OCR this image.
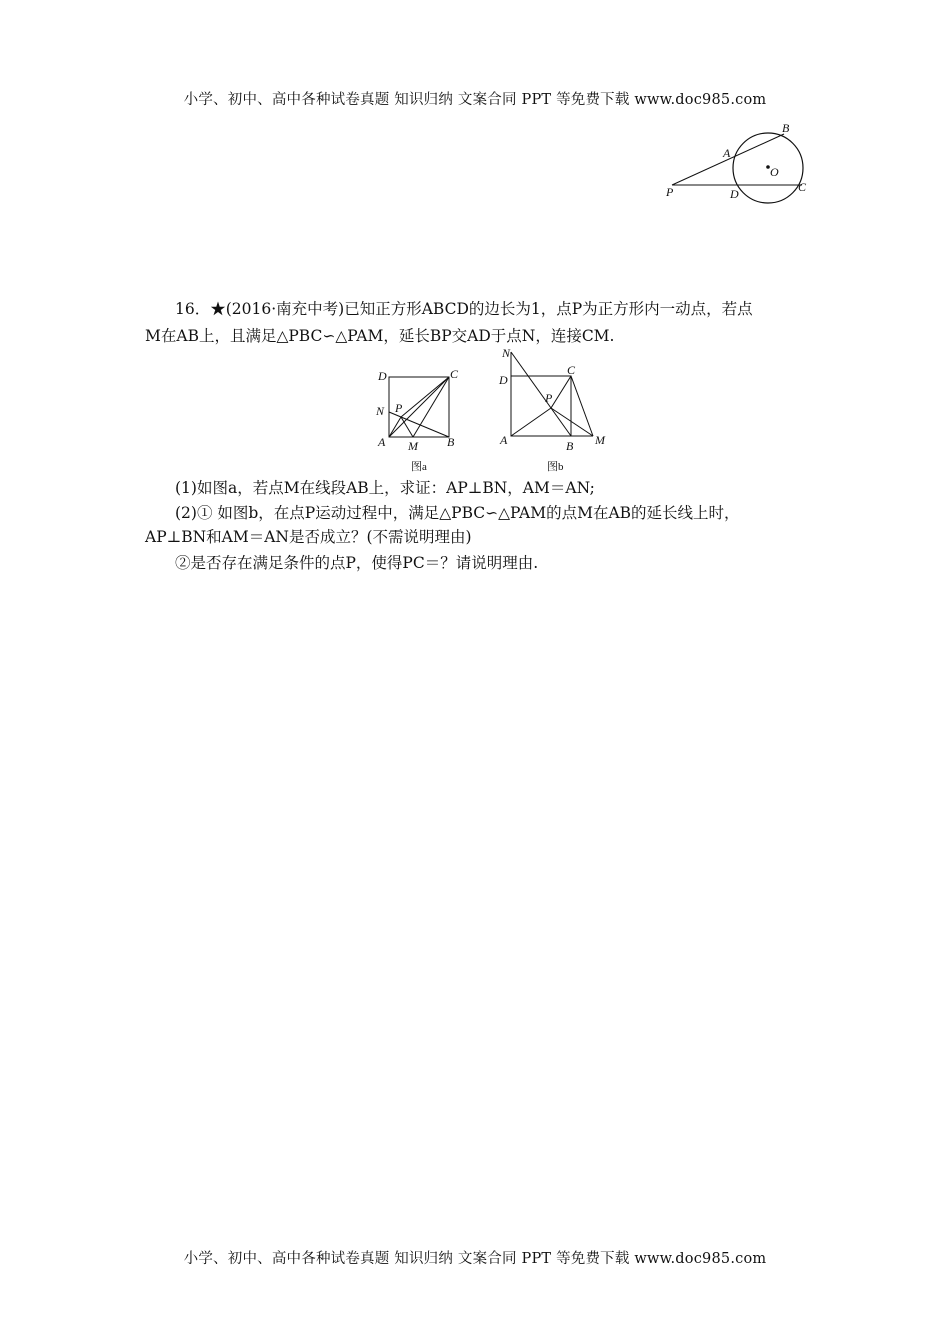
小学、初中、高中各种试卷真题 知识归纳 文案合同 PPT 等免费下载 www.doc985.com
B
A
O
P	D	C
16．★(2016·南充中考)已知正方形ABCD的边长为1，点P为正方形内一动点，若点
M在AB上，且满足△PBC∽△PAM，延长BP交AD于点N，连接CM.
D	C
N P
A M B
图a
N
D
C
P
A	B M
图b
(1)如图a，若点M在线段AB上，求证：AP⊥BN，AM＝AN;
(2)① 如图b，在点P运动过程中，满足△PBC∽△PAM的点M在AB的延长线上时，
AP⊥BN和AM＝AN是否成立？(不需说明理由)
②是否存在满足条件的点P，使得PC＝？请说明理由.
小学、初中、高中各种试卷真题 知识归纳 文案合同 PPT 等免费下载 www.doc985.com
